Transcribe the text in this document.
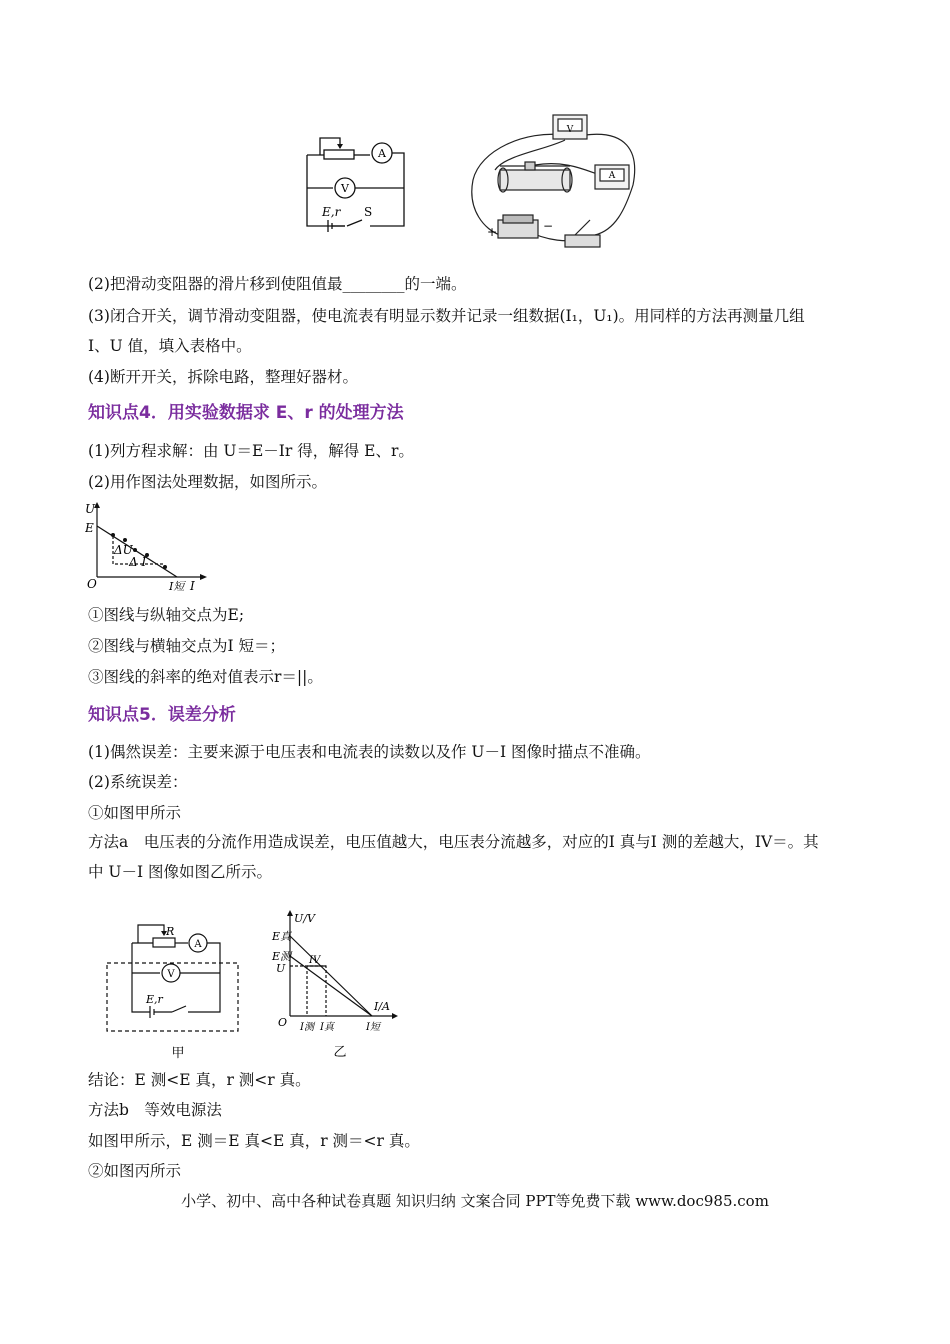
A
V
E,r S
V
A
+	−
(2)把滑动变阻器的滑片移到使阻值最________的一端。
(3)闭合开关，调节滑动变阻器，使电流表有明显示数并记录一组数据(I₁，U₁)。用同样的方法再测量几组
I、U 值，填入表格中。
(4)断开开关，拆除电路，整理好器材。
知识点4．用实验数据求 E、r 的处理方法
(1)列方程求解：由 U＝E－Ir 得，解得 E、r。
(2)用作图法处理数据，如图所示。
U
E
ΔU
Δ I
O	I短 I
①图线与纵轴交点为E;
②图线与横轴交点为I 短＝；
③图线的斜率的绝对值表示r＝||。
知识点5．误差分析
(1)偶然误差：主要来源于电压表和电流表的读数以及作 U－I 图像时描点不准确。
(2)系统误差：
①如图甲所示
方法a　电压表的分流作用造成误差，电压值越大，电压表分流越多，对应的I 真与I 测的差越大，IV＝。其
中 U－I 图像如图乙所示。
R
A
V
E,r
甲
U/V
E真
E测
U
IV
I/A
O I测 I真	I短
乙
结论：E 测<E 真，r 测<r 真。
方法b　等效电源法
如图甲所示，E 测＝E 真<E 真，r 测＝<r 真。
②如图丙所示
小学、初中、高中各种试卷真题 知识归纳 文案合同 PPT等免费下载 www.doc985.com
